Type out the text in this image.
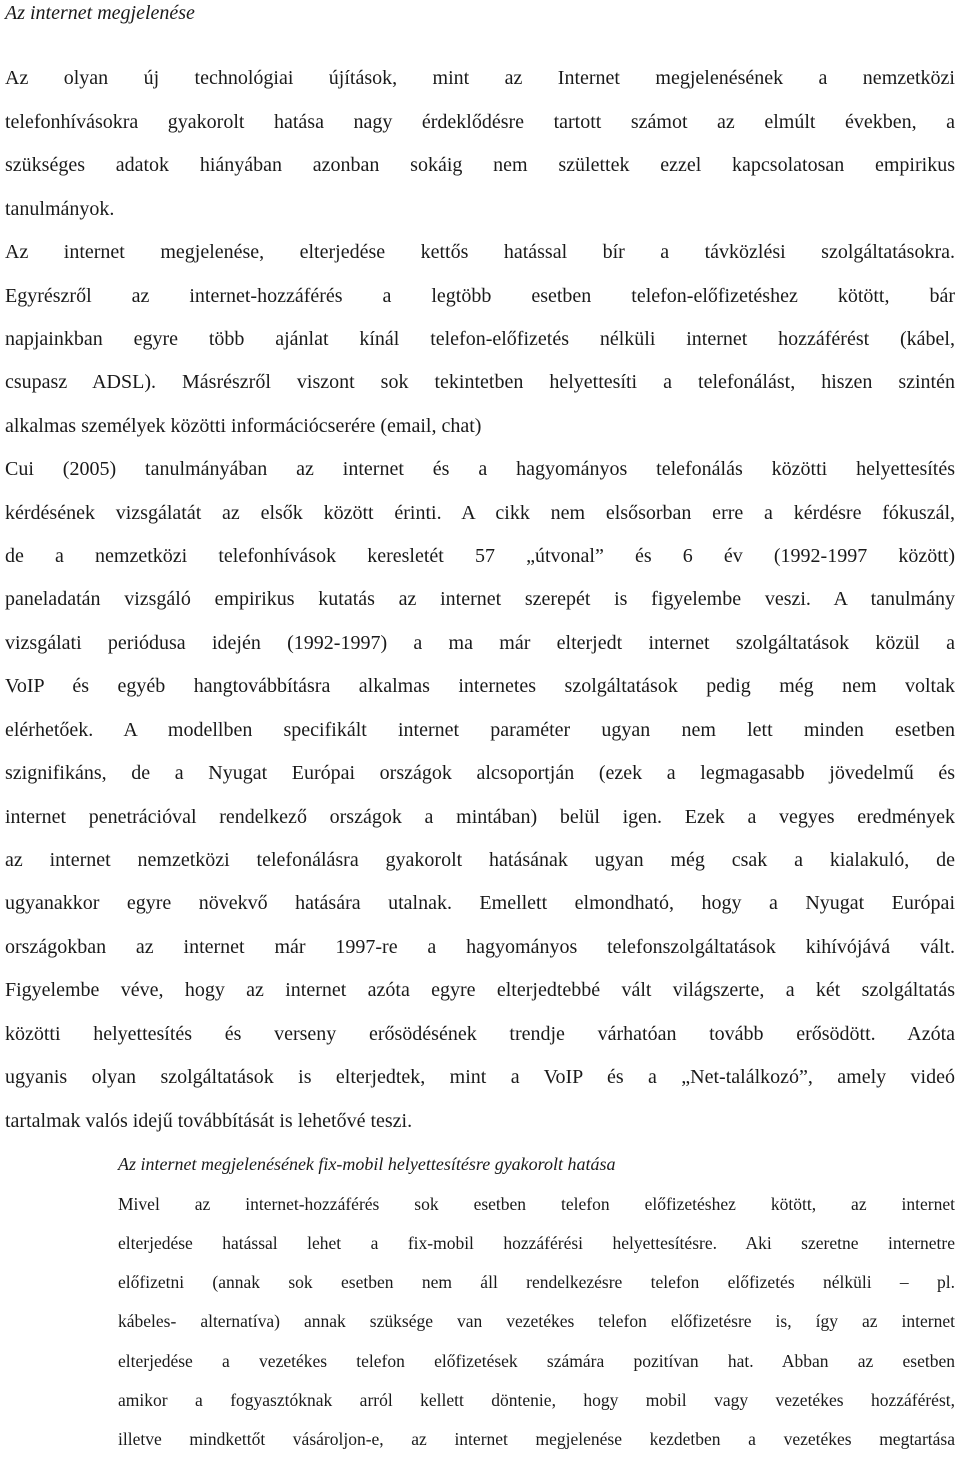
Az internet megjelenése

Az olyan új technológiai újítások, mint az Internet megjelenésének a nemzetközi

telefonhívásokra gyakorolt hatása nagy érdeklődésre tartott számot az elmúlt években, a

szükséges adatok hiányában azonban sokáig nem születtek ezzel kapcsolatosan empirikus

tanulmányok.

Az internet megjelenése, elterjedése kettős hatással bír a távközlési szolgáltatásokra.

Egyrészről az internet-hozzáférés a legtöbb esetben telefon-előfizetéshez kötött, bár

napjainkban egyre több ajánlat kínál telefon-előfizetés nélküli internet hozzáférést (kábel,

csupasz ADSL). Másrészről viszont sok tekintetben helyettesíti a telefonálást, hiszen szintén

alkalmas személyek közötti információcserére (email, chat)

Cui (2005) tanulmányában az internet és a hagyományos telefonálás közötti helyettesítés

kérdésének vizsgálatát az elsők között érinti. A cikk nem elsősorban erre a kérdésre fókuszál,

de a nemzetközi telefonhívások keresletét 57 „útvonal” és 6 év (1992-1997 között)

paneladatán vizsgáló empirikus kutatás az internet szerepét is figyelembe veszi. A tanulmány

vizsgálati periódusa idején (1992-1997) a ma már elterjedt internet szolgáltatások közül a

VoIP és egyéb hangtovábbításra alkalmas internetes szolgáltatások pedig még nem voltak

elérhetőek. A modellben specifikált internet paraméter ugyan nem lett minden esetben

szignifikáns, de a Nyugat Európai országok alcsoportján (ezek a legmagasabb jövedelmű és

internet penetrációval rendelkező országok a mintában) belül igen. Ezek a vegyes eredmények

az internet nemzetközi telefonálásra gyakorolt hatásának ugyan még csak a kialakuló, de

ugyanakkor egyre növekvő hatására utalnak. Emellett elmondható, hogy a Nyugat Európai

országokban az internet már 1997-re a hagyományos telefonszolgáltatások kihívójává vált.

Figyelembe véve, hogy az internet azóta egyre elterjedtebbé vált világszerte, a két szolgáltatás

közötti helyettesítés és verseny erősödésének trendje várhatóan tovább erősödött. Azóta

ugyanis olyan szolgáltatások is elterjedtek, mint a VoIP és a „Net-találkozó”, amely videó

tartalmak valós idejű továbbítását is lehetővé teszi.

Az internet megjelenésének fix-mobil helyettesítésre gyakorolt hatása

Mivel az internet-hozzáférés sok esetben telefon előfizetéshez kötött, az internet

elterjedése hatással lehet a fix-mobil hozzáférési helyettesítésre. Aki szeretne internetre

előfizetni (annak sok esetben nem áll rendelkezésre telefon előfizetés nélküli – pl.

kábeles- alternatíva) annak szüksége van vezetékes telefon előfizetésre is, így az internet

elterjedése a vezetékes telefon előfizetések számára pozitívan hat. Abban az esetben

amikor a fogyasztóknak arról kellett döntenie, hogy mobil vagy vezetékes hozzáférést,

illetve mindkettőt vásároljon-e, az internet megjelenése kezdetben a vezetékes megtartása
